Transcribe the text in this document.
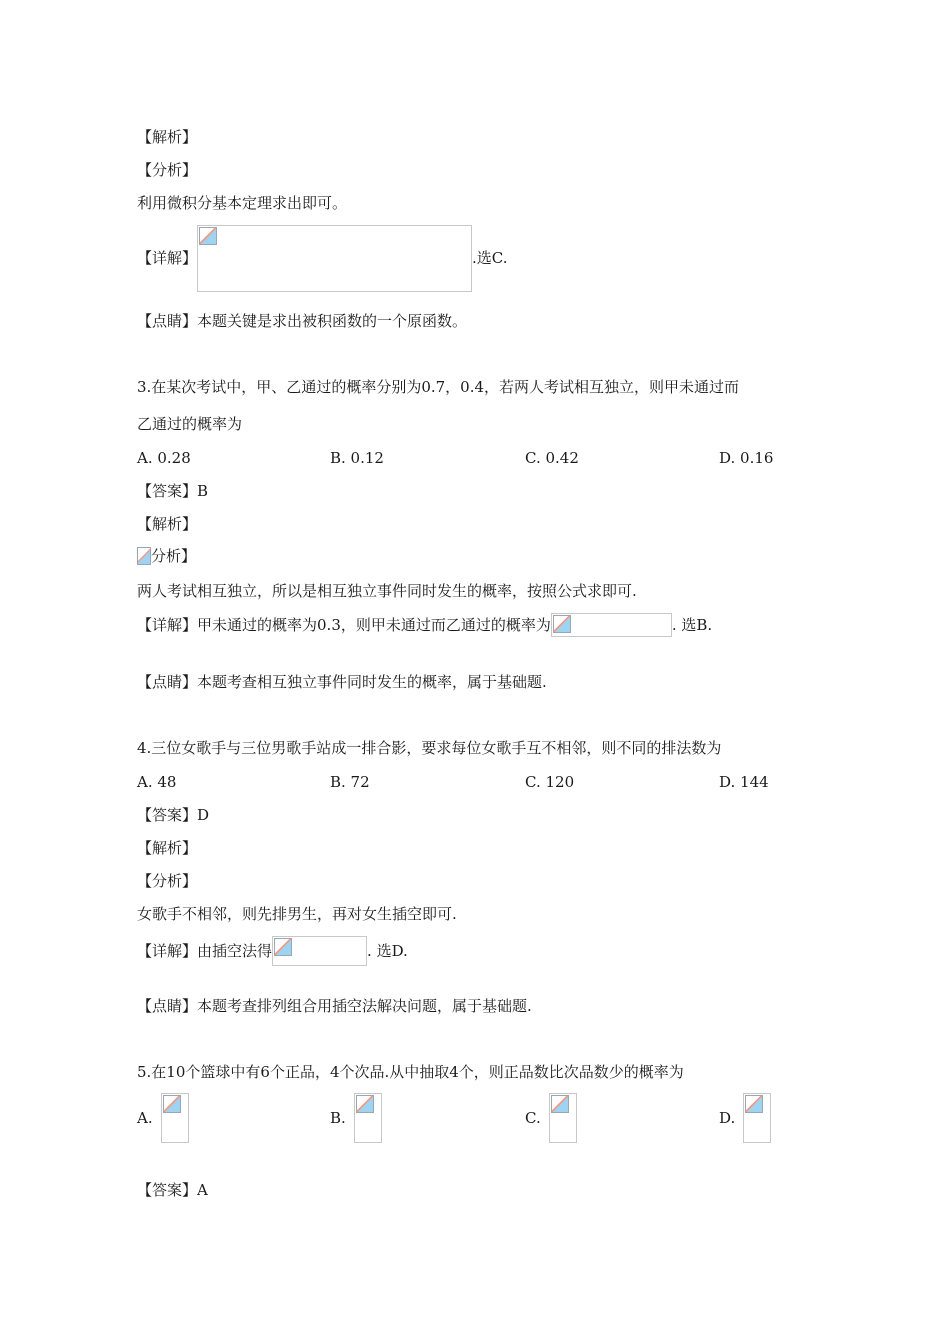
【解析】
【分析】
利用微积分基本定理求出即可。
【详解】	.选C.
【点睛】本题关键是求出被积函数的一个原函数。
3.在某次考试中，甲、乙通过的概率分别为0.7，0.4，若两人考试相互独立，则甲未通过而
乙通过的概率为
A. 0.28	B. 0.12	C. 0.42	D. 0.16
【答案】B
【解析】
分析】
两人考试相互独立，所以是相互独立事件同时发生的概率，按照公式求即可.
【详解】 甲未通过的概率为0.3，则甲未通过而乙通过的概率为	. 选B.
【点睛】本题考查相互独立事件同时发生的概率，属于基础题.
4.三位女歌手与三位男歌手站成一排合影，要求每位女歌手互不相邻，则不同的排法数为
A. 48	B. 72	C. 120	D. 144
【答案】D
【解析】
【分析】
女歌手不相邻，则先排男生，再对女生插空即可.
【详解】 由插空法得	. 选D.
【点睛】本题考查排列组合用插空法解决问题，属于基础题.
5.在10个篮球中有6个正品，4个次品.从中抽取4个，则正品数比次品数少的概率为
A.	B.	C.	D.
【答案】A
